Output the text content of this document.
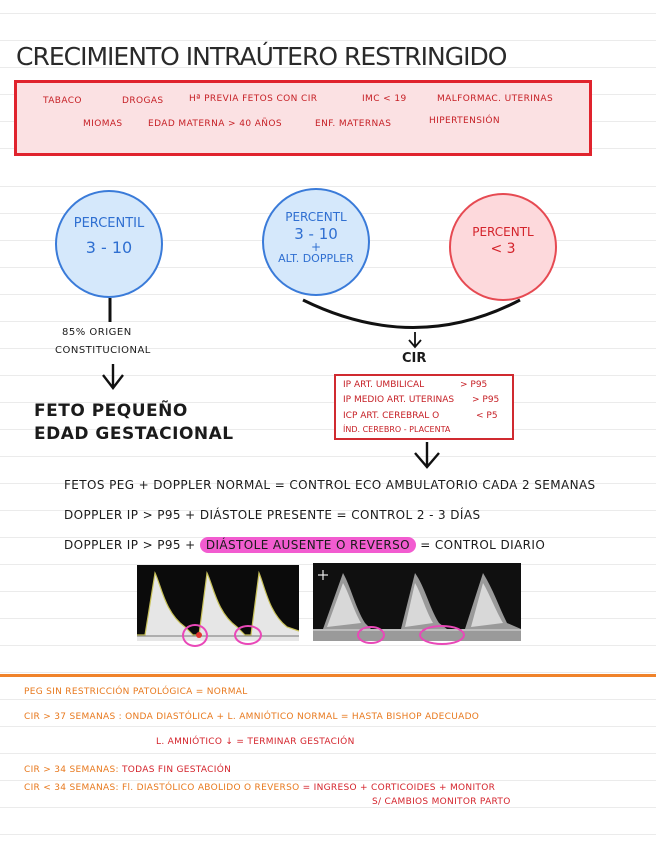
CRECIMIENTO INTRAÚTERO RESTRINGIDO
TABACO	DROGAS	Hª PREVIA FETOS CON CIR	IMC < 19	MALFORMAC. UTERINAS
MIOMAS	EDAD MATERNA > 40 AÑOS	ENF. MATERNAS	HIPERTENSIÓN
PERCENTIL
3 - 10
PERCENTL
3 - 10
+
ALT. DOPPLER
PERCENTL
< 3
85% ORIGEN
CONSTITUCIONAL
FETO PEQUEÑO
EDAD GESTACIONAL
CIR
IP ART. UMBILICAL	> P95
IP MEDIO ART. UTERINAS > P95
ICP ART. CEREBRAL O	< P5
ÍND. CEREBRO - PLACENTA
FETOS PEG + DOPPLER NORMAL = CONTROL ECO AMBULATORIO CADA 2 SEMANAS
DOPPLER IP > P95 + DIÁSTOLE PRESENTE = CONTROL 2 - 3 DÍAS
DOPPLER IP > P95 + DIÁSTOLE AUSENTE O REVERSO = CONTROL DIARIO
PEG SIN RESTRICCIÓN PATOLÓGICA = NORMAL
CIR > 37 SEMANAS : ONDA DIASTÓLICA + L. AMNIÓTICO NORMAL = HASTA BISHOP ADECUADO
L. AMNIÓTICO ↓ = TERMINAR GESTACIÓN
CIR > 34 SEMANAS: TODAS FIN GESTACIÓN
CIR < 34 SEMANAS: Fl. DIASTÓLICO ABOLIDO O REVERSO = INGRESO + CORTICOIDES + MONITOR
S/ CAMBIOS MONITOR PARTO
